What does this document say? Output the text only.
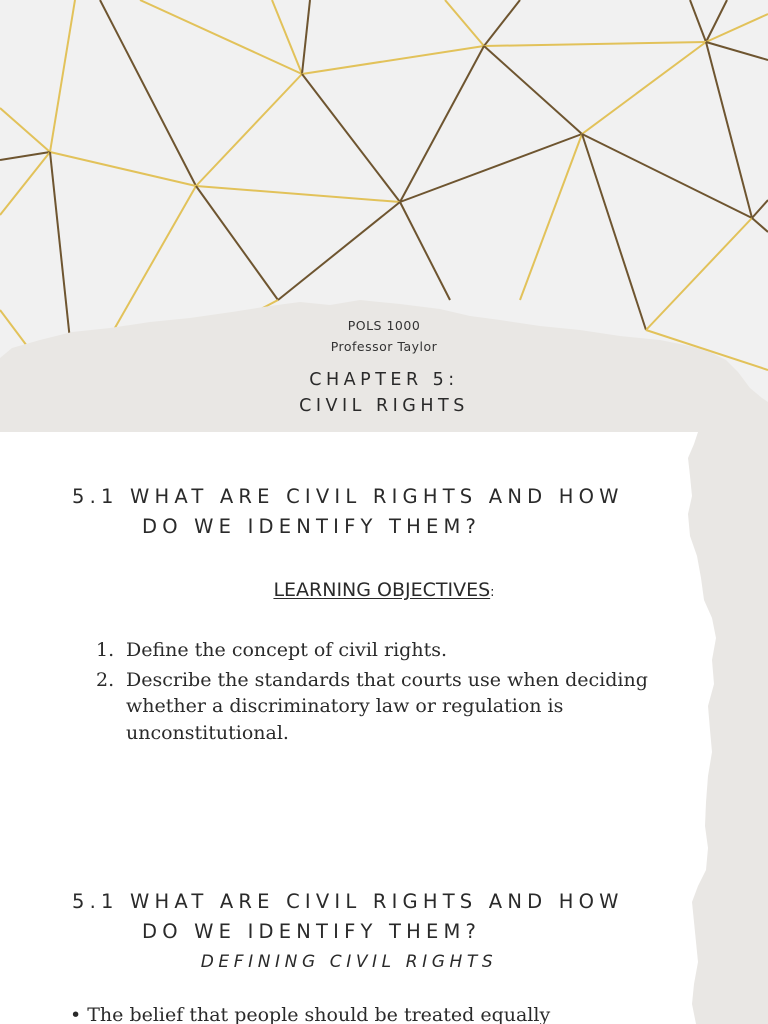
POLS 1000
Professor Taylor
CHAPTER 5:
CIVIL RIGHTS
5.1 WHAT ARE CIVIL RIGHTS AND HOW
DO WE IDENTIFY THEM?
LEARNING OBJECTIVES:
1. Define the concept of civil rights.
2. Describe the standards that courts use when deciding whether a discriminatory law or regulation is unconstitutional.
5.1 WHAT ARE CIVIL RIGHTS AND HOW
DO WE IDENTIFY THEM?
DEFINING CIVIL RIGHTS
• The belief that people should be treated equally
